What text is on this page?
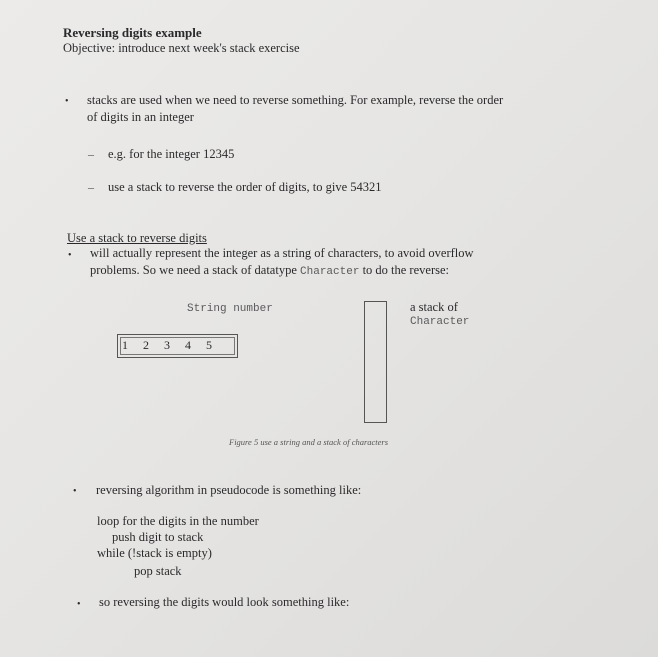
Reversing digits example
Objective: introduce next week's stack exercise
• stacks are used when we need to reverse something. For example, reverse the order
of digits in an integer
– e.g. for the integer 12345
– use a stack to reverse the order of digits, to give 54321
Use a stack to reverse digits
• will actually represent the integer as a string of characters, to avoid overflow
problems. So we need a stack of datatype Character to do the reverse:
String number
1 2 3 4 5
a stack of
Character
Figure 5 use a string and a stack of characters
• reversing algorithm in pseudocode is something like:
loop for the digits in the number
push digit to stack
while (!stack is empty)
pop stack
• so reversing the digits would look something like:
